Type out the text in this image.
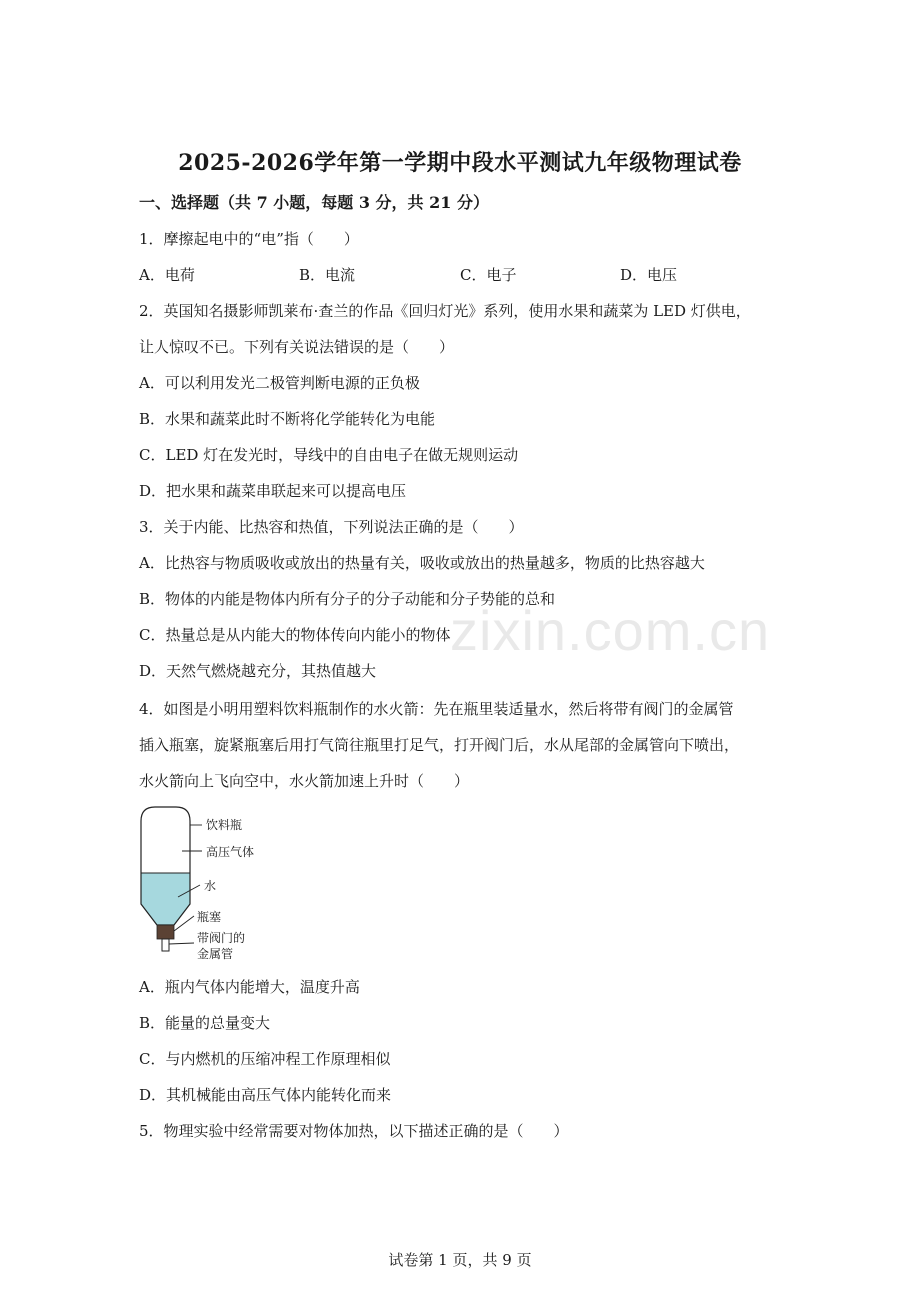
zixin.com.cn
2025-2026学年第一学期中段水平测试九年级物理试卷
一、选择题（共 7 小题，每题 3 分，共 21 分）
1．摩擦起电中的“电”指（　　）
A．电荷	B．电流	C．电子	D．电压
2．英国知名摄影师凯莱布·查兰的作品《回归灯光》系列，使用水果和蔬菜为 LED 灯供电，
让人惊叹不已。下列有关说法错误的是（　　）
A．可以利用发光二极管判断电源的正负极
B．水果和蔬菜此时不断将化学能转化为电能
C．LED 灯在发光时，导线中的自由电子在做无规则运动
D．把水果和蔬菜串联起来可以提高电压
3．关于内能、比热容和热值，下列说法正确的是（　　）
A．比热容与物质吸收或放出的热量有关，吸收或放出的热量越多，物质的比热容越大
B．物体的内能是物体内所有分子的分子动能和分子势能的总和
C．热量总是从内能大的物体传向内能小的物体
D．天然气燃烧越充分，其热值越大
4．如图是小明用塑料饮料瓶制作的水火箭：先在瓶里装适量水，然后将带有阀门的金属管
插入瓶塞，旋紧瓶塞后用打气筒往瓶里打足气，打开阀门后，水从尾部的金属管向下喷出，
水火箭向上飞向空中，水火箭加速上升时（　　）
饮料瓶
高压气体
水
瓶塞
带阀门的
金属管
A．瓶内气体内能增大，温度升高
B．能量的总量变大
C．与内燃机的压缩冲程工作原理相似
D．其机械能由高压气体内能转化而来
5．物理实验中经常需要对物体加热，以下描述正确的是（　　）
试卷第 1 页，共 9 页
